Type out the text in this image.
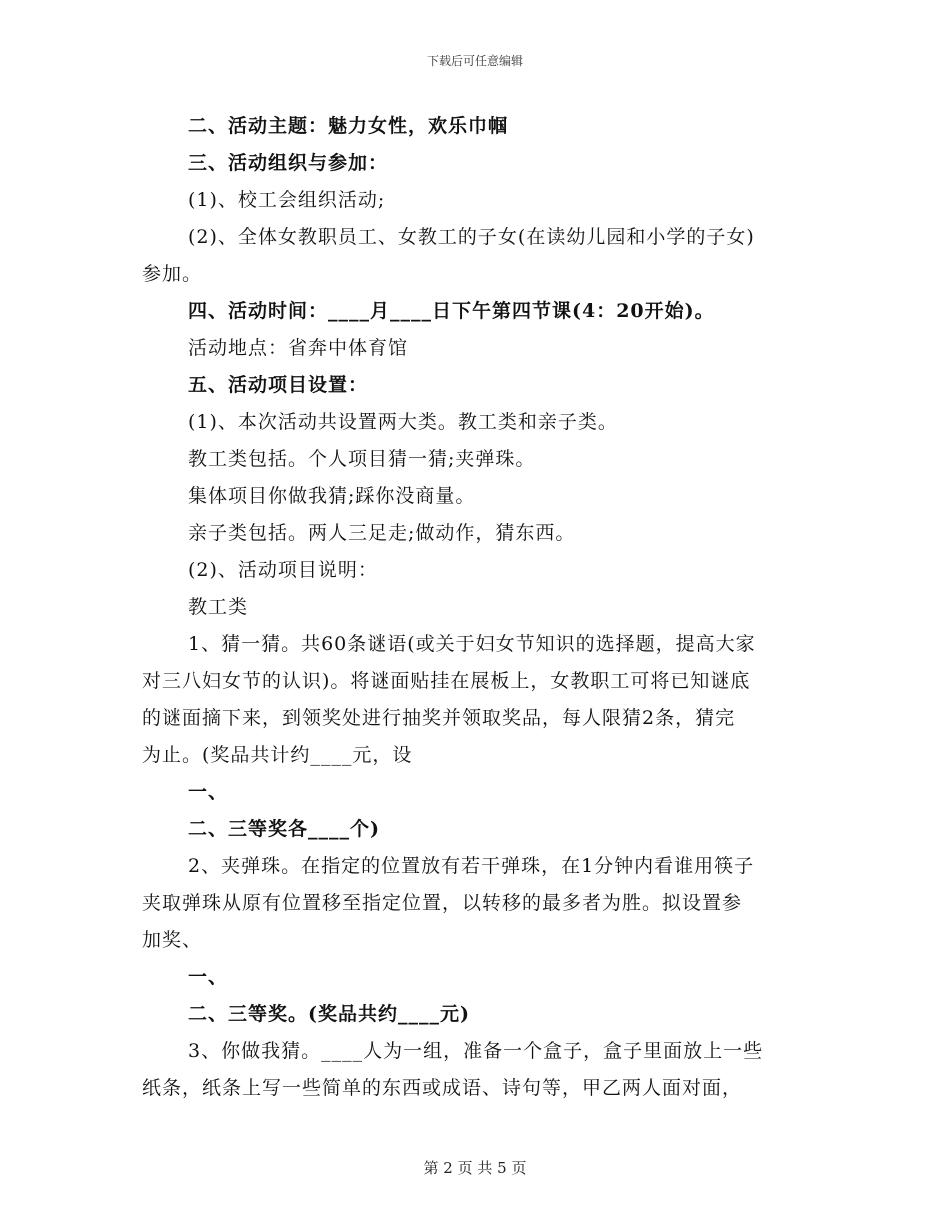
下载后可任意编辑
二、活动主题：魅力女性，欢乐巾帼
三、活动组织与参加：
(1)、校工会组织活动;
(2)、全体女教职员工、女教工的子女(在读幼儿园和小学的子女)
参加。
四、活动时间：____月____日下午第四节课(4：20开始)。
活动地点：省奔中体育馆
五、活动项目设置：
(1)、本次活动共设置两大类。教工类和亲子类。
教工类包括。个人项目猜一猜;夹弹珠。
集体项目你做我猜;踩你没商量。
亲子类包括。两人三足走;做动作，猜东西。
(2)、活动项目说明：
教工类
1、猜一猜。共60条谜语(或关于妇女节知识的选择题，提高大家
对三八妇女节的认识)。将谜面贴挂在展板上，女教职工可将已知谜底
的谜面摘下来，到领奖处进行抽奖并领取奖品，每人限猜2条，猜完
为止。(奖品共计约____元，设
一、
二、三等奖各____个)
2、夹弹珠。在指定的位置放有若干弹珠，在1分钟内看谁用筷子
夹取弹珠从原有位置移至指定位置，以转移的最多者为胜。拟设置参
加奖、
一、
二、三等奖。(奖品共约____元)
3、你做我猜。____人为一组，准备一个盒子，盒子里面放上一些
纸条，纸条上写一些简单的东西或成语、诗句等，甲乙两人面对面，
第 2 页 共 5 页
